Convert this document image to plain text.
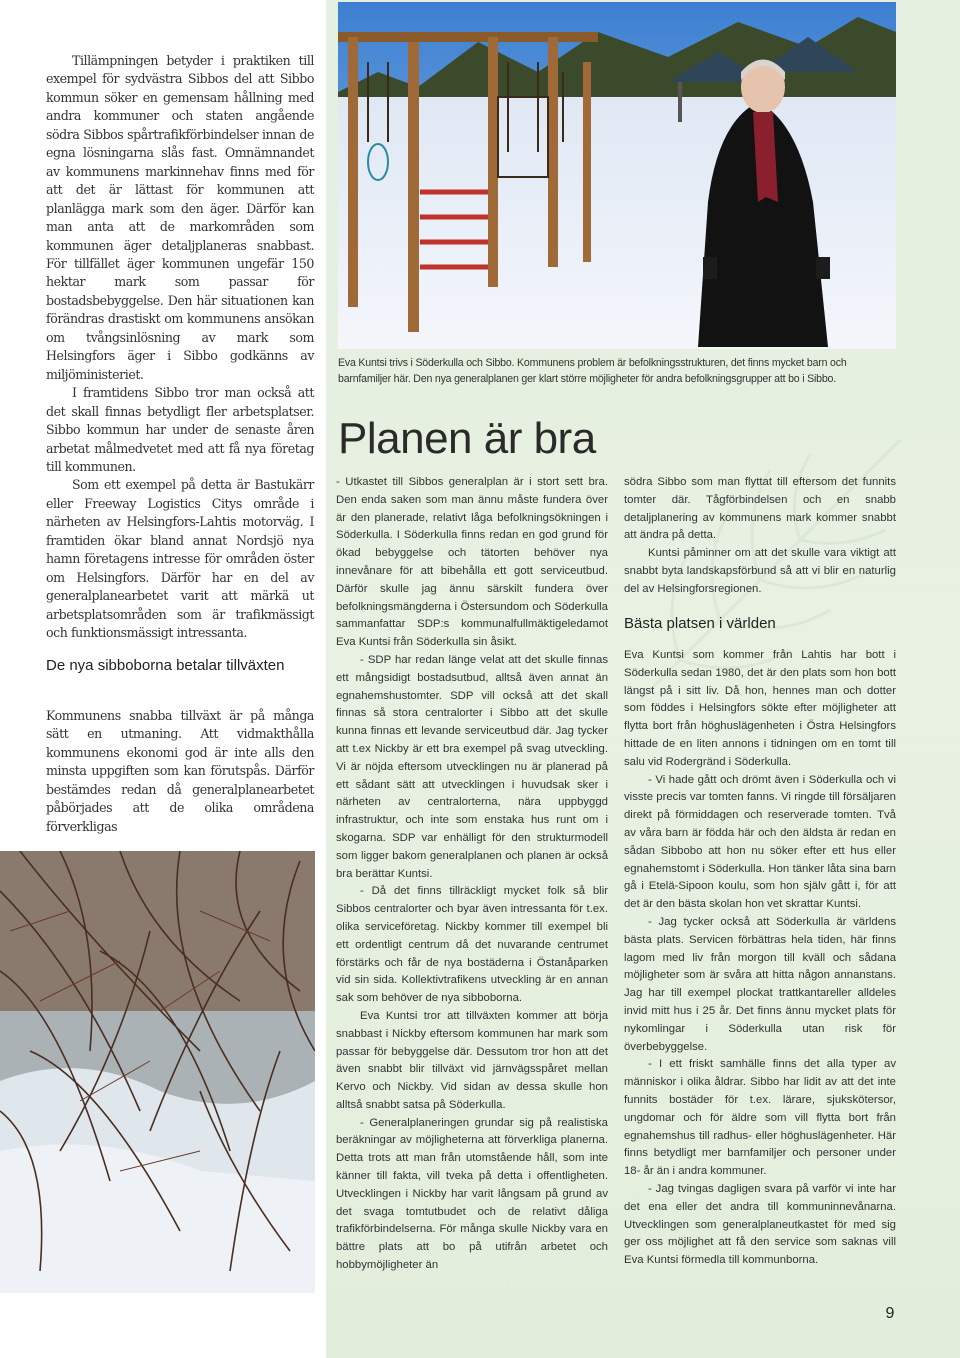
Tillämpningen betyder i praktiken till exempel för sydvästra Sibbos del att Sibbo kommun söker en gemensam hållning med andra kommuner och staten angående södra Sibbos spårtrafikförbindelser innan de egna lösningarna slås fast. Omnämnandet av kommunens markinnehav finns med för att det är lättast för kommunen att planlägga mark som den äger. Därför kan man anta att de markområden som kommunen äger detaljplaneras snabbast. För tillfället äger kommunen ungefär 150 hektar mark som passar för bostadsbebyggelse. Den här situationen kan förändras drastiskt om kommunens ansökan om tvångsinlösning av mark som Helsingfors äger i Sibbo godkänns av miljöministeriet.

I framtidens Sibbo tror man också att det skall finnas betydligt fler arbetsplatser. Sibbo kommun har under de senaste åren arbetat målmedvetet med att få nya företag till kommunen.

Som ett exempel på detta är Bastukärr eller Freeway Logistics Citys område i närheten av Helsingfors-Lahtis motorväg. I framtiden ökar bland annat Nordsjö nya hamn företagens intresse för områden öster om Helsingfors. Därför har en del av generalplanearbetet varit att märkä ut arbetsplatsområden som är trafikmässigt och funktionsmässigt intressanta.

De nya sibboborna betalar tillväxten

Kommunens snabba tillväxt är på många sätt en utmaning. Att vidmakthålla kommunens ekonomi god är inte alls den minsta uppgiften som kan förutspås. Därför bestämdes redan då generalplanearbetet påbörjades att de olika områdena förverkligas

Eva Kuntsi trivs i Söderkulla och Sibbo. Kommunens problem är befolkningsstrukturen, det finns mycket barn och barnfamiljer här. Den nya generalplanen ger klart större möjligheter för andra befolkningsgrupper att bo i Sibbo.

Planen är bra

- Utkastet till Sibbos generalplan är i stort sett bra. Den enda saken som man ännu måste fundera över är den planerade, relativt låga befolkningsökningen i Söderkulla. I Söderkulla finns redan en god grund för ökad bebyggelse och tätorten behöver nya innevånare för att bibehålla ett gott serviceutbud. Därför skulle jag ännu särskilt fundera över befolkningsmängderna i Östersundom och Söderkulla sammanfattar SDP:s kommunalfullmäktigeledamot Eva Kuntsi från Söderkulla sin åsikt.

- SDP har redan länge velat att det skulle finnas ett mångsidigt bostadsutbud, alltså även annat än egnahemshustomter. SDP vill också att det skall finnas så stora centralorter i Sibbo att det skulle kunna finnas ett levande serviceutbud där. Jag tycker att t.ex Nickby är ett bra exempel på svag utveckling. Vi är nöjda eftersom utvecklingen nu är planerad på ett sådant sätt att utvecklingen i huvudsak sker i närheten av centralorterna, nära uppbyggd infrastruktur, och inte som enstaka hus runt om i skogarna. SDP var enhälligt för den strukturmodell som ligger bakom generalplanen och planen är också bra berättar Kuntsi.

- Då det finns tillräckligt mycket folk så blir Sibbos centralorter och byar även intressanta för t.ex. olika serviceföretag. Nickby kommer till exempel bli ett ordentligt centrum då det nuvarande centrumet förstärks och får de nya bostäderna i Östanåparken vid sin sida. Kollektivtrafikens utveckling är en annan sak som behöver de nya sibboborna.

Eva Kuntsi tror att tillväxten kommer att börja snabbast i Nickby eftersom kommunen har mark som passar för bebyggelse där. Dessutom tror hon att det även snabbt blir tillväxt vid järnvägsspåret mellan Kervo och Nickby. Vid sidan av dessa skulle hon alltså snabbt satsa på Söderkulla.

- Generalplaneringen grundar sig på realistiska beräkningar av möjligheterna att förverkliga planerna. Detta trots att man från utomstående håll, som inte känner till fakta, vill tveka på detta i offentligheten. Utvecklingen i Nickby har varit långsam på grund av det svaga tomtutbudet och de relativt dåliga trafikförbindelserna. För många skulle Nickby vara en bättre plats att bo på utifrån arbetet och hobbymöjligheter än

södra Sibbo som man flyttat till eftersom det funnits tomter där. Tågförbindelsen och en snabb detaljplanering av kommunens mark kommer snabbt att ändra på detta.

Kuntsi påminner om att det skulle vara viktigt att snabbt byta landskapsförbund så att vi blir en naturlig del av Helsingforsregionen.

Bästa platsen i världen

Eva Kuntsi som kommer från Lahtis har bott i Söderkulla sedan 1980, det är den plats som hon bott längst på i sitt liv. Då hon, hennes man och dotter som föddes i Helsingfors sökte efter möjligheter att flytta bort från höghuslägenheten i Östra Helsingfors hittade de en liten annons i tidningen om en tomt till salu vid Rodergränd i Söderkulla.

- Vi hade gått och drömt även i Söderkulla och vi visste precis var tomten fanns. Vi ringde till försäljaren direkt på förmiddagen och reserverade tomten. Två av våra barn är födda här och den äldsta är redan en sådan Sibbobo att hon nu söker efter ett hus eller egnahemstomt i Söderkulla. Hon tänker låta sina barn gå i Etelä-Sipoon koulu, som hon själv gått i, för att det är den bästa skolan hon vet skrattar Kuntsi.

- Jag tycker också att Söderkulla är världens bästa plats. Servicen förbättras hela tiden, här finns lagom med liv från morgon till kväll och sådana möjligheter som är svåra att hitta någon annanstans. Jag har till exempel plockat trattkantareller alldeles invid mitt hus i 25 år. Det finns ännu mycket plats för nykomlingar i Söderkulla utan risk för överbebyggelse.

- I ett friskt samhälle finns det alla typer av människor i olika åldrar. Sibbo har lidit av att det inte funnits bostäder för t.ex. lärare, sjukskötersor, ungdomar och för äldre som vill flytta bort från egnahemshus till radhus- eller höghuslägenheter. Här finns betydligt mer barnfamiljer och personer under 18- år än i andra kommuner.

- Jag tvingas dagligen svara på varför vi inte har det ena eller det andra till kommuninnevånarna. Utvecklingen som generalplaneutkastet för med sig ger oss möjlighet att få den service som saknas vill Eva Kuntsi förmedla till kommunborna.

9
